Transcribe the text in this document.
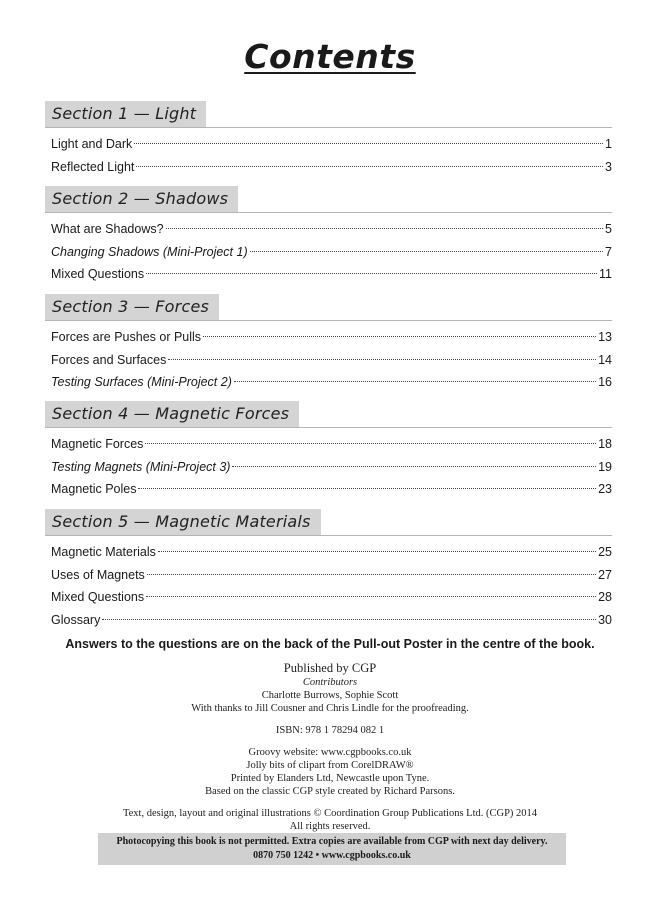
Contents
Section 1 — Light
Light and Dark	1
Reflected Light	3
Section 2 — Shadows
What are Shadows?	5
Changing Shadows (Mini-Project 1)	7
Mixed Questions	11
Section 3 — Forces
Forces are Pushes or Pulls	13
Forces and Surfaces	14
Testing Surfaces (Mini-Project 2)	16
Section 4 — Magnetic Forces
Magnetic Forces	18
Testing Magnets (Mini-Project 3)	19
Magnetic Poles	23
Section 5 — Magnetic Materials
Magnetic Materials	25
Uses of Magnets	27
Mixed Questions	28
Glossary	30

Answers to the questions are on the back of the Pull-out Poster in the centre of the book.

Published by CGP
Contributors
Charlotte Burrows, Sophie Scott
With thanks to Jill Cousner and Chris Lindle for the proofreading.
ISBN: 978 1 78294 082 1
Groovy website: www.cgpbooks.co.uk
Jolly bits of clipart from CorelDRAW®
Printed by Elanders Ltd, Newcastle upon Tyne.
Based on the classic CGP style created by Richard Parsons.
Text, design, layout and original illustrations © Coordination Group Publications Ltd. (CGP) 2014
All rights reserved.
Photocopying this book is not permitted. Extra copies are available from CGP with next day delivery.
0870 750 1242 • www.cgpbooks.co.uk
